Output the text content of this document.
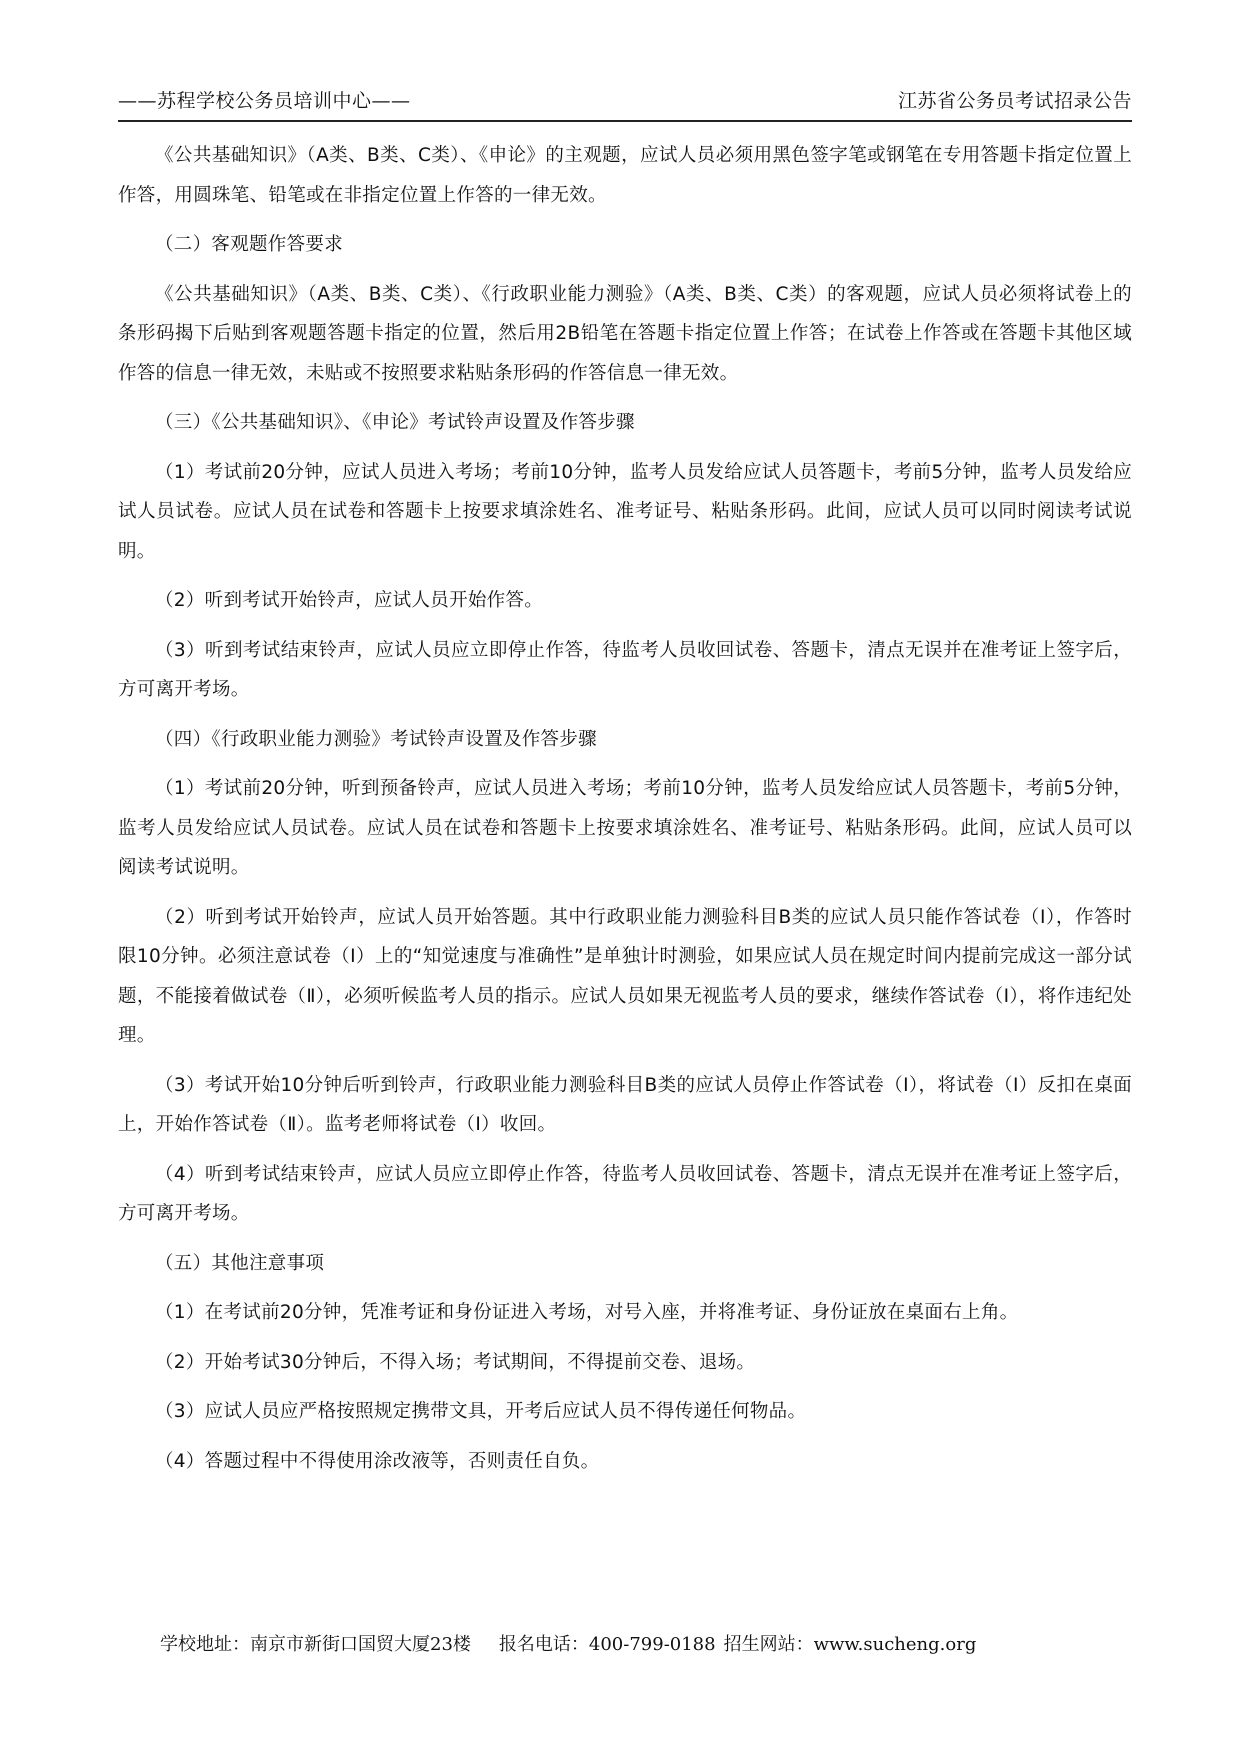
——苏程学校公务员培训中心——	江苏省公务员考试招录公告

《公共基础知识》（A类、B类、C类）、《申论》的主观题，应试人员必须用黑色签字笔或钢笔在专用答题卡指定位置上作答，用圆珠笔、铅笔或在非指定位置上作答的一律无效。

（二）客观题作答要求

《公共基础知识》（A类、B类、C类）、《行政职业能力测验》（A类、B类、C类）的客观题，应试人员必须将试卷上的条形码揭下后贴到客观题答题卡指定的位置，然后用2B铅笔在答题卡指定位置上作答；在试卷上作答或在答题卡其他区域作答的信息一律无效，未贴或不按照要求粘贴条形码的作答信息一律无效。

（三）《公共基础知识》、《申论》考试铃声设置及作答步骤

（1）考试前20分钟，应试人员进入考场；考前10分钟，监考人员发给应试人员答题卡，考前5分钟，监考人员发给应试人员试卷。应试人员在试卷和答题卡上按要求填涂姓名、准考证号、粘贴条形码。此间，应试人员可以同时阅读考试说明。

（2）听到考试开始铃声，应试人员开始作答。

（3）听到考试结束铃声，应试人员应立即停止作答，待监考人员收回试卷、答题卡，清点无误并在准考证上签字后，方可离开考场。

（四）《行政职业能力测验》考试铃声设置及作答步骤

（1）考试前20分钟，听到预备铃声，应试人员进入考场；考前10分钟，监考人员发给应试人员答题卡，考前5分钟，监考人员发给应试人员试卷。应试人员在试卷和答题卡上按要求填涂姓名、准考证号、粘贴条形码。此间，应试人员可以阅读考试说明。

（2）听到考试开始铃声，应试人员开始答题。其中行政职业能力测验科目B类的应试人员只能作答试卷（Ⅰ），作答时限10分钟。必须注意试卷（Ⅰ）上的“知觉速度与准确性”是单独计时测验，如果应试人员在规定时间内提前完成这一部分试题，不能接着做试卷（Ⅱ），必须听候监考人员的指示。应试人员如果无视监考人员的要求，继续作答试卷（Ⅰ），将作违纪处理。

（3）考试开始10分钟后听到铃声，行政职业能力测验科目B类的应试人员停止作答试卷（Ⅰ），将试卷（Ⅰ）反扣在桌面上，开始作答试卷（Ⅱ）。监考老师将试卷（Ⅰ）收回。

（4）听到考试结束铃声，应试人员应立即停止作答，待监考人员收回试卷、答题卡，清点无误并在准考证上签字后，方可离开考场。

（五）其他注意事项

（1）在考试前20分钟，凭准考证和身份证进入考场，对号入座，并将准考证、身份证放在桌面右上角。

（2）开始考试30分钟后，不得入场；考试期间，不得提前交卷、退场。

（3）应试人员应严格按照规定携带文具，开考后应试人员不得传递任何物品。

（4）答题过程中不得使用涂改液等，否则责任自负。

学校地址：南京市新街口国贸大厦23楼 报名电话：400-799-0188 招生网站：www.sucheng.org
